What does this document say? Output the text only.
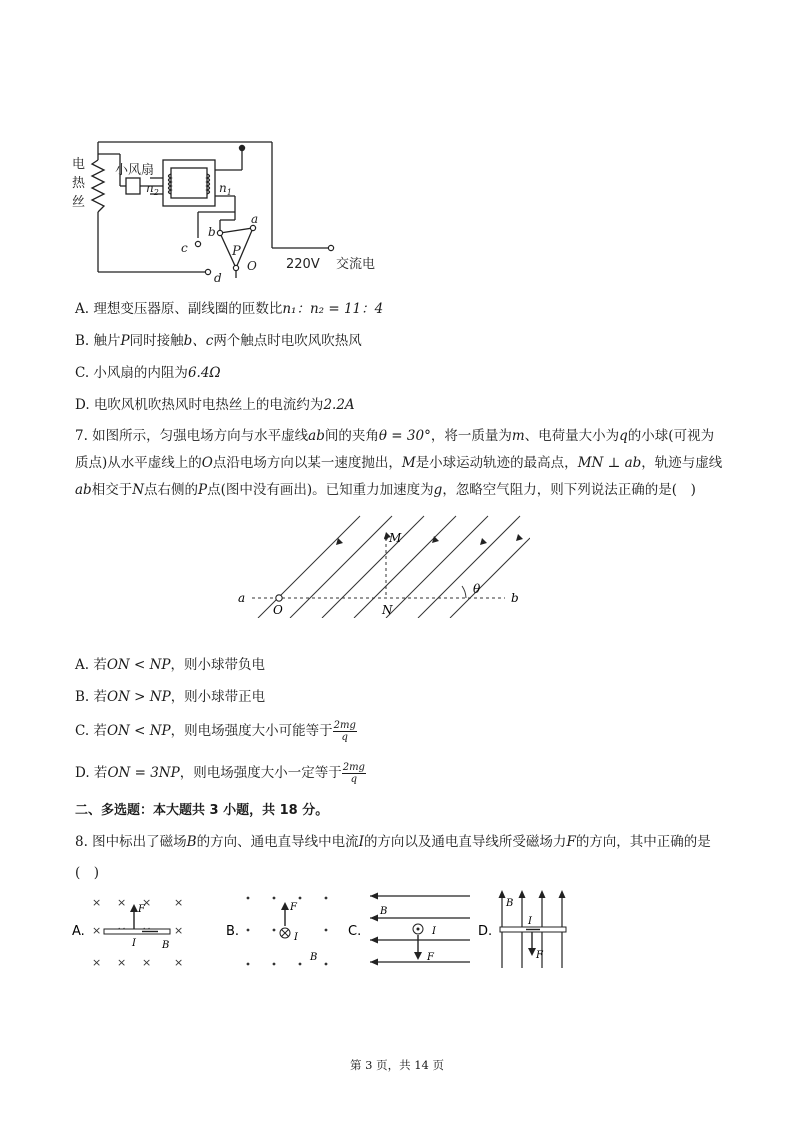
小风扇
$n_2$	$n_1$
a
b
c
d
P
O 220V 交流电
电
热
丝
A. 理想变压器原、副线圈的匝数比n₁：n₂ = 11：4
B. 触片P同时接触b、c两个触点时电吹风吹热风
C. 小风扇的内阻为6.4Ω
D. 电吹风机吹热风时电热丝上的电流约为2.2A
7. 如图所示，匀强电场方向与水平虚线ab间的夹角θ = 30°，将一质量为m、电荷量大小为q的小球(可视为质点)从水平虚线上的O点沿电场方向以某一速度抛出，M是小球运动轨迹的最高点，MN ⊥ ab，轨迹与虚线ab相交于N点右侧的P点(图中没有画出)。已知重力加速度为g，忽略空气阻力，则下列说法正确的是(　)
a	b
O	N
M
θ
A. 若ON < NP，则小球带负电
B. 若ON > NP，则小球带正电
C. 若ON < NP，则电场强度大小可能等于 $\frac{2mg}{q}$
D. 若ON = 3NP，则电场强度大小一定等于 $\frac{2mg}{q}$
二、多选题：本大题共 3 小题，共 18 分。
8. 图中标出了磁场B的方向、通电直导线中电流I的方向以及通电直导线所受磁场力F的方向，其中正确的是
(　)
A.
× × × ×
×	×
× × × ×
F
I	B
B.
F
I
B
C.
B
I
F
D.
B
I
F
第 3 页，共 14 页
